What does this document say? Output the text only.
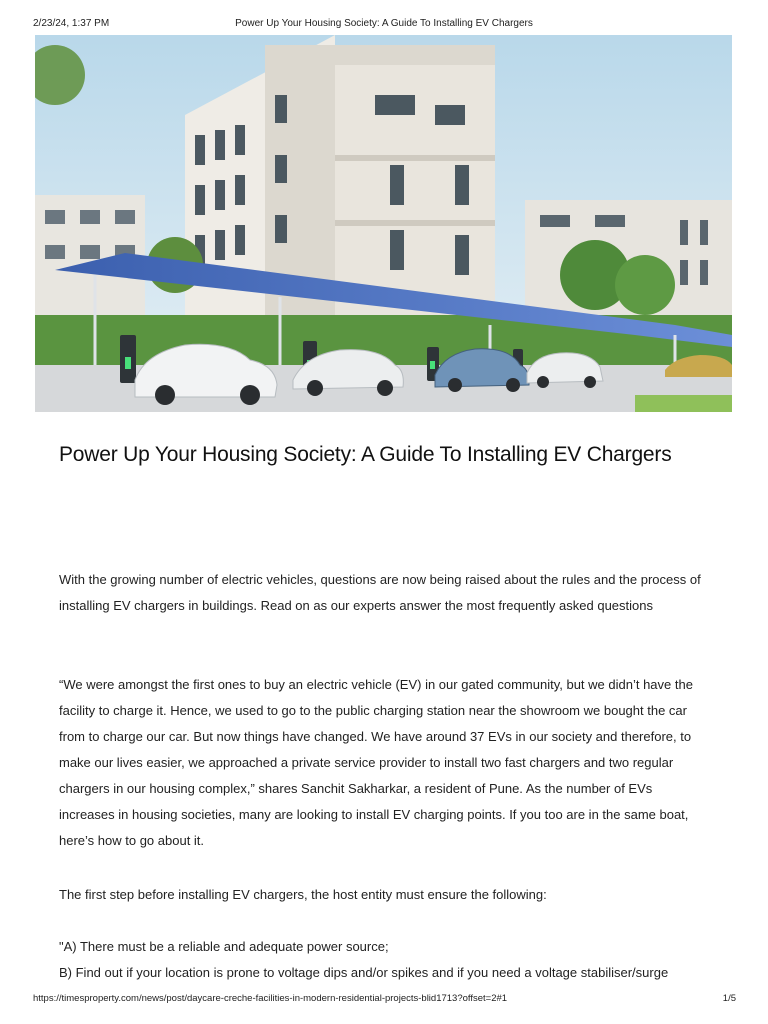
2/23/24, 1:37 PM	Power Up Your Housing Society: A Guide To Installing EV Chargers
Power Up Your Housing Society: A Guide To Installing EV Chargers

With the growing number of electric vehicles, questions are now being raised about the rules and the process of installing EV chargers in buildings. Read on as our experts answer the most frequently asked questions

“We were amongst the first ones to buy an electric vehicle (EV) in our gated community, but we didn’t have the facility to charge it. Hence, we used to go to the public charging station near the showroom we bought the car from to charge our car. But now things have changed. We have around 37 EVs in our society and therefore, to make our lives easier, we approached a private service provider to install two fast chargers and two regular chargers in our housing complex,” shares Sanchit Sakharkar, a resident of Pune. As the number of EVs increases in housing societies, many are looking to install EV charging points. If you too are in the same boat, here’s how to go about it.

The first step before installing EV chargers, the host entity must ensure the following:

"A) There must be a reliable and adequate power source;

B) Find out if your location is prone to voltage dips and/or spikes and if you need a voltage stabiliser/surge

https://timesproperty.com/news/post/daycare-creche-facilities-in-modern-residential-projects-blid1713?offset=2#1	1/5
